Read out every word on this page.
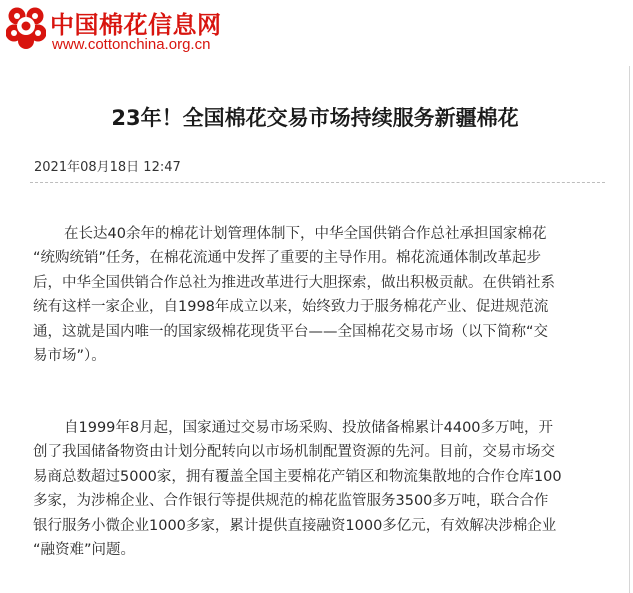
中国棉花信息网
www.cottonchina.org.cn
23年！全国棉花交易市场持续服务新疆棉花
2021年08月18日 12:47
在长达40余年的棉花计划管理体制下，中华全国供销合作总社承担国家棉花
“统购统销”任务，在棉花流通中发挥了重要的主导作用。棉花流通体制改革起步
后，中华全国供销合作总社为推进改革进行大胆探索，做出积极贡献。在供销社系
统有这样一家企业，自1998年成立以来，始终致力于服务棉花产业、促进规范流
通，这就是国内唯一的国家级棉花现货平台——全国棉花交易市场（以下简称“交
易市场”）。
自1999年8月起，国家通过交易市场采购、投放储备棉累计4400多万吨，开
创了我国储备物资由计划分配转向以市场机制配置资源的先河。目前，交易市场交
易商总数超过5000家，拥有覆盖全国主要棉花产销区和物流集散地的合作仓库100
多家，为涉棉企业、合作银行等提供规范的棉花监管服务3500多万吨，联合合作
银行服务小微企业1000多家，累计提供直接融资1000多亿元，有效解决涉棉企业
“融资难”问题。
